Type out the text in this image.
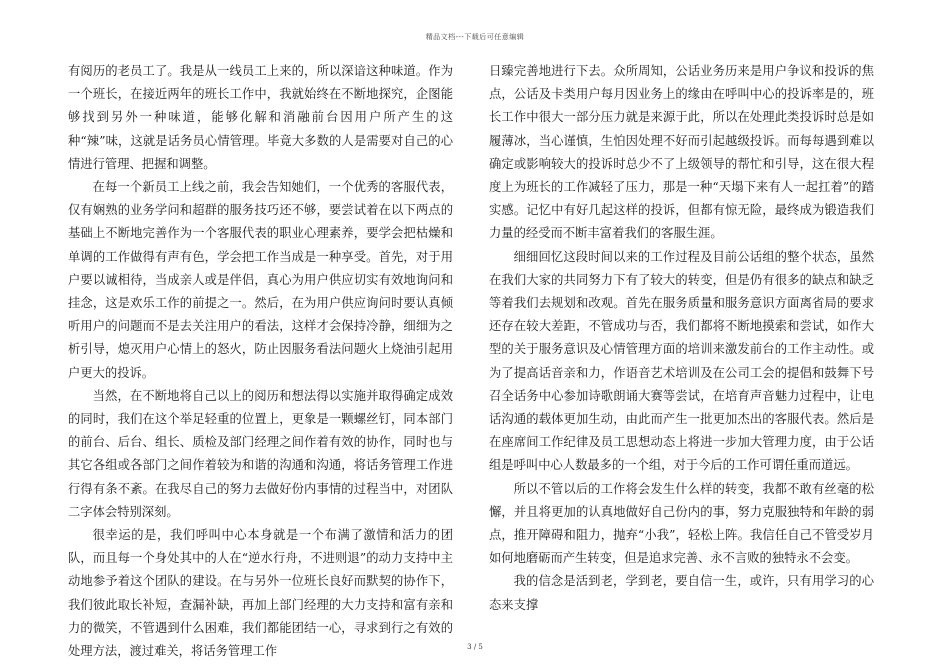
精品文档---下载后可任意编辑

有阅历的老员工了。我是从一线员工上来的，所以深谙这种味道。作为一个班长，在接近两年的班长工作中，我就始终在不断地探究，企图能够找到另外一种味道，能够化解和消融前台因用户所产生的这种“辣”味，这就是话务员心情管理。毕竟大多数的人是需要对自己的心情进行管理、把握和调整。

在每一个新员工上线之前，我会告知她们，一个优秀的客服代表，仅有娴熟的业务学问和超群的服务技巧还不够，要尝试着在以下两点的基础上不断地完善作为一个客服代表的职业心理素养，要学会把枯燥和单调的工作做得有声有色，学会把工作当成是一种享受。首先，对于用户要以诚相待，当成亲人或是伴侣，真心为用户供应切实有效地询问和挂念，这是欢乐工作的前提之一。然后，在为用户供应询问时要认真倾听用户的问题而不是去关注用户的看法，这样才会保持冷静，细细为之析引导，熄灭用户心情上的怒火，防止因服务看法问题火上烧油引起用户更大的投诉。

当然，在不断地将自己以上的阅历和想法得以实施并取得确定成效的同时，我们在这个举足轻重的位置上，更象是一颗螺丝钉，同本部门的前台、后台、组长、质检及部门经理之间作着有效的协作，同时也与其它各组或各部门之间作着较为和谐的沟通和沟通，将话务管理工作进行得有条不紊。在我尽自己的努力去做好份内事情的过程当中，对团队二字体会特别深刻。

很幸运的是，我们呼叫中心本身就是一个布满了激情和活力的团队，而且每一个身处其中的人在“逆水行舟，不进则退”的动力支持中主动地参予着这个团队的建设。在与另外一位班长良好而默契的协作下，我们彼此取长补短，查漏补缺，再加上部门经理的大力支持和富有亲和力的微笑，不管遇到什么困难，我们都能团结一心，寻求到行之有效的处理方法，渡过难关，将话务管理工作

日臻完善地进行下去。众所周知，公话业务历来是用户争议和投诉的焦点，公话及卡类用户每月因业务上的缘由在呼叫中心的投诉率是的，班长工作中很大一部分压力就是来源于此，所以在处理此类投诉时总是如履薄冰，当心谨慎，生怕因处理不好而引起越级投诉。而每每遇到难以确定或影响较大的投诉时总少不了上级领导的帮忙和引导，这在很大程度上为班长的工作减轻了压力，那是一种“天塌下来有人一起扛着”的踏实感。记忆中有好几起这样的投诉，但都有惊无险，最终成为锻造我们力量的经受而不断丰富着我们的客服生涯。

细细回忆这段时间以来的工作过程及目前公话组的整个状态，虽然在我们大家的共同努力下有了较大的转变，但是仍有很多的缺点和缺乏等着我们去规划和改观。首先在服务质量和服务意识方面离省局的要求还存在较大差距，不管成功与否，我们都将不断地摸索和尝试，如作大型的关于服务意识及心情管理方面的培训来激发前台的工作主动性。或为了提高话音亲和力，作语音艺术培训及在公司工会的提倡和鼓舞下号召全话务中心参加诗歌朗诵大赛等尝试，在培育声音魅力过程中，让电话沟通的载体更加生动，由此而产生一批更加杰出的客服代表。然后是在座席间工作纪律及员工思想动态上将进一步加大管理力度，由于公话组是呼叫中心人数最多的一个组，对于今后的工作可谓任重而道远。

所以不管以后的工作将会发生什么样的转变，我都不敢有丝毫的松懈，并且将更加的认真地做好自己份内的事，努力克服独特和年龄的弱点，推开障碍和阻力，抛弃“小我”，轻松上阵。我信任自己不管受岁月如何地磨砺而产生转变，但是追求完善、永不言败的独特永不会变。

我的信念是活到老，学到老，要自信一生，或许，只有用学习的心态来支撑

3 / 5
